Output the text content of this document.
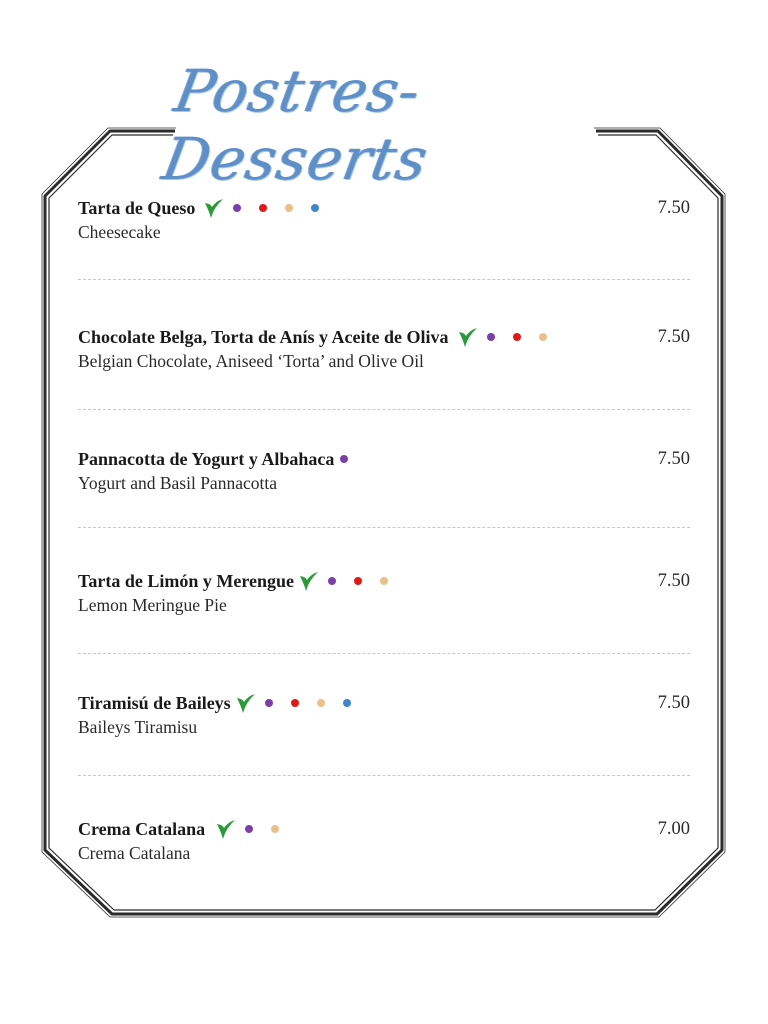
Postres-Desserts
Tarta de Queso
Cheesecake
7.50
Chocolate Belga, Torta de Anís y Aceite de Oliva
Belgian Chocolate, Aniseed ‘Torta’ and Olive Oil
7.50
Pannacotta de Yogurt y Albahaca
Yogurt and Basil Pannacotta
7.50
Tarta de Limón y Merengue
Lemon Meringue Pie
7.50
Tiramisú de Baileys
Baileys Tiramisu
7.50
Crema Catalana
Crema Catalana
7.00
